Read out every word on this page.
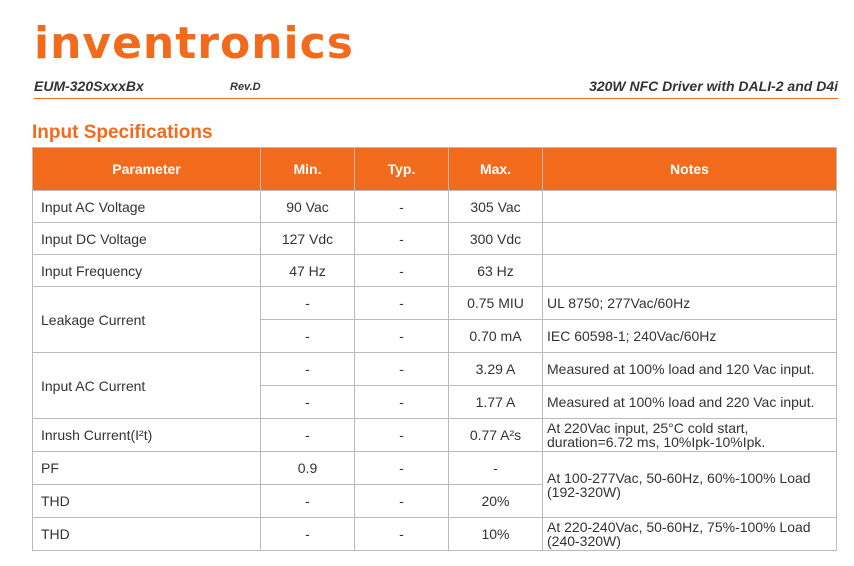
inventronics
EUM-320SxxxBx	Rev.D	320W NFC Driver with DALI-2 and D4i
Input Specifications
Parameter	Min.	Typ.	Max.	Notes
Input AC Voltage	90 Vac	-	305 Vac	
Input DC Voltage	127 Vdc	-	300 Vdc	
Input Frequency	47 Hz	-	63 Hz	
Leakage Current	-	-	0.75 MIU	UL 8750; 277Vac/60Hz
	-	-	0.70 mA	IEC 60598-1; 240Vac/60Hz
Input AC Current	-	-	3.29 A	Measured at 100% load and 120 Vac input.
	-	-	1.77 A	Measured at 100% load and 220 Vac input.
Inrush Current(I²t)	-	-	0.77 A²s	At 220Vac input, 25°C cold start, duration=6.72 ms, 10%Ipk-10%Ipk.
PF	0.9	-	-	At 100-277Vac, 50-60Hz, 60%-100% Load (192-320W)
THD	-	-	20%	
THD	-	-	10%	At 220-240Vac, 50-60Hz, 75%-100% Load (240-320W)
